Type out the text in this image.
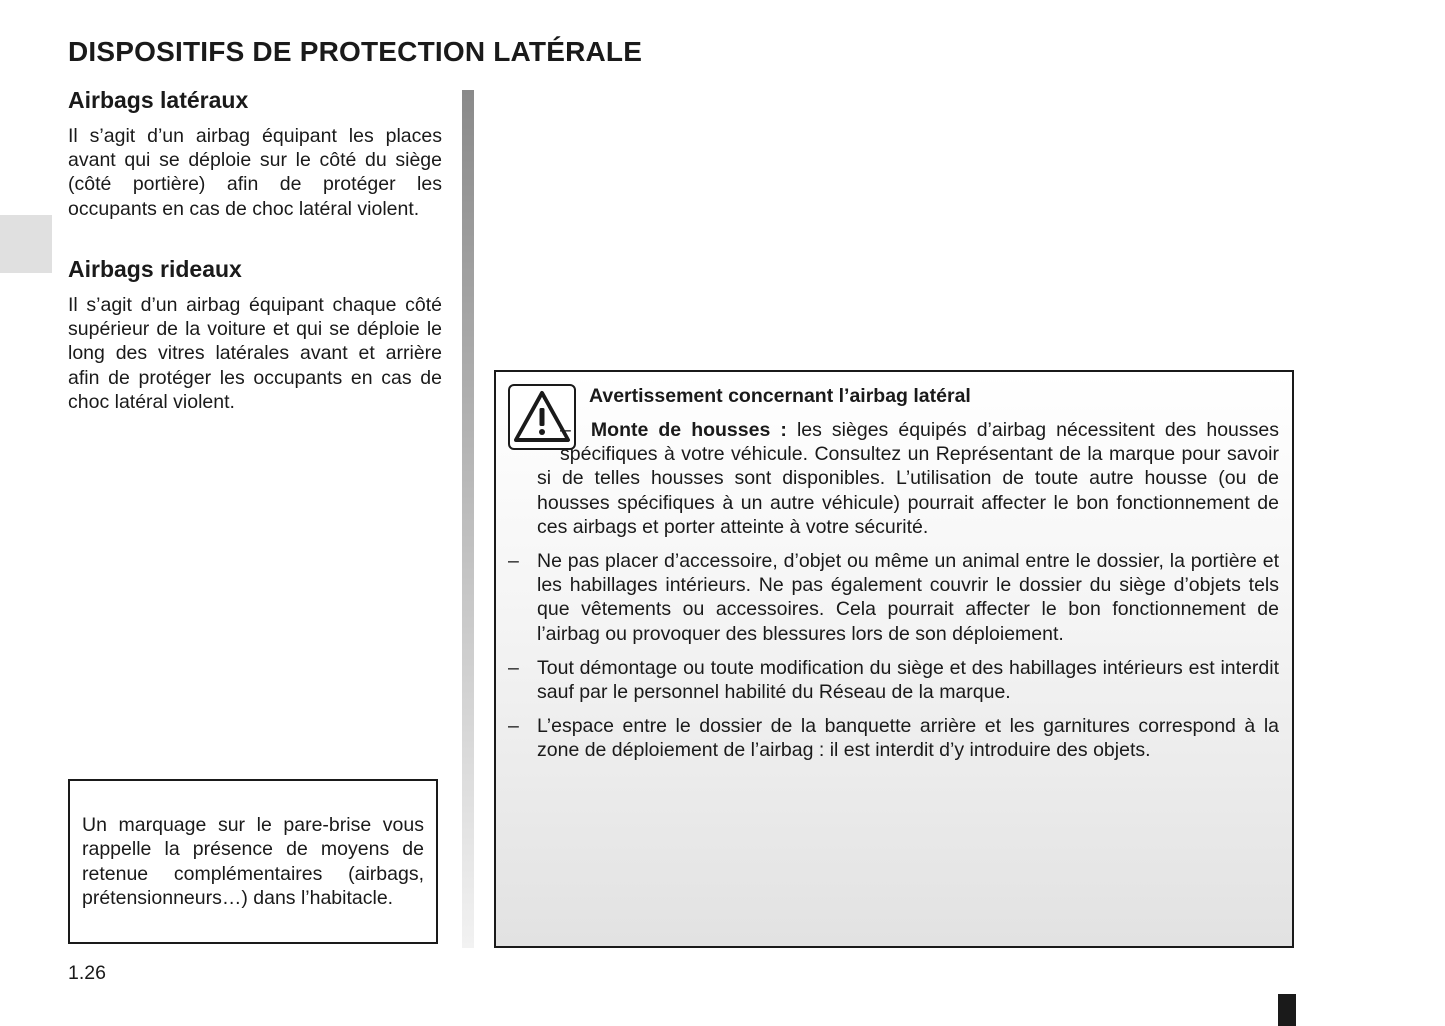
DISPOSITIFS DE PROTECTION LATÉRALE
Airbags latéraux

Il s’agit d’un airbag équipant les places avant qui se déploie sur le côté du siège (côté portière) afin de protéger les occupants en cas de choc latéral violent.

Airbags rideaux

Il s’agit d’un airbag équipant chaque côté supérieur de la voiture et qui se déploie le long des vitres latérales avant et arrière afin de protéger les occupants en cas de choc latéral violent.

Un marquage sur le pare-brise vous rappelle la présence de moyens de retenue complémentaires (airbags, prétensionneurs…) dans l’habitacle.

Avertissement concernant l’airbag latéral

– Monte de housses : les sièges équipés d’airbag nécessitent des housses spécifiques à votre véhicule. Consultez un Représentant de la marque pour savoir si de telles housses sont disponibles. L’utilisation de toute autre housse (ou de housses spécifiques à un autre véhicule) pourrait affecter le bon fonctionnement de ces airbags et porter atteinte à votre sécurité.
– Ne pas placer d’accessoire, d’objet ou même un animal entre le dossier, la portière et les habillages intérieurs. Ne pas également couvrir le dossier du siège d’objets tels que vêtements ou accessoires. Cela pourrait affecter le bon fonctionnement de l’airbag ou provoquer des blessures lors de son déploiement.
– Tout démontage ou toute modification du siège et des habillages intérieurs est interdit sauf par le personnel habilité du Réseau de la marque.
– L’espace entre le dossier de la banquette arrière et les garnitures correspond à la zone de déploiement de l’airbag : il est interdit d’y introduire des objets.

1.26
